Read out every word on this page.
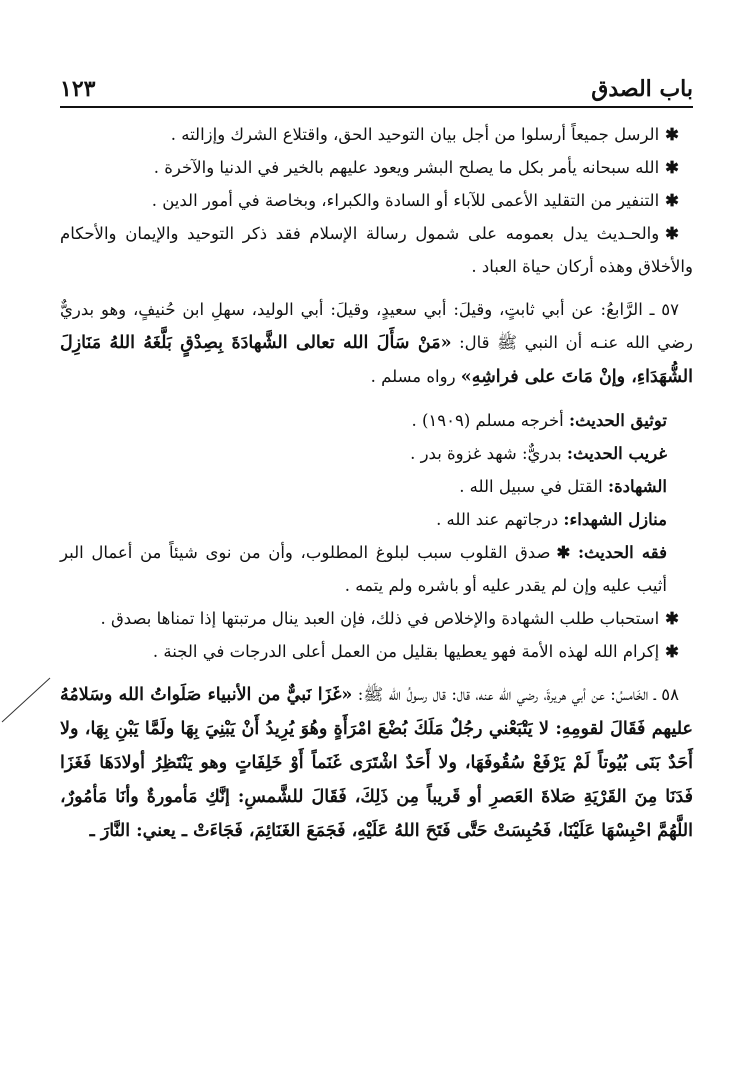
باب الصدق
١٢٣

✱الرسل جميعاً أرسلوا من أجل بيان التوحيد الحق، واقتلاع الشرك وإزالته .

✱الله سبحانه يأمر بكل ما يصلح البشر ويعود عليهم بالخير في الدنيا والآخرة .

✱التنفير من التقليد الأعمى للآباء أو السادة والكبراء، وبخاصة في أمور الدين .

✱والحـديث يدل بعمومه على شمول رسالة الإسلام فقد ذكر التوحيد والإيمان والأحكام والأخلاق وهذه أركان حياة العباد .

٥٧ ـ الرَّابعُ: عن أبي ثابتٍ، وقيلَ: أبي سعيدٍ، وقيلَ: أبي الوليد، سهلِ ابن حُنيفٍ، وهو بدريٌّ رضي الله عنـه أن النبي ﷺ قال: «مَنْ سَأَلَ الله تعالى الشَّهادَةَ بِصِدْقٍ بَلَّغَهُ اللهُ مَنَازِلَ الشُّهَدَاءِ، وإنْ مَاتَ على فراشِهِ» رواه مسلم .

توثيق الحديث: أخرجه مسلم (١٩٠٩) .

غريب الحديث: بدريٌّ: شهد غزوة بدر .

الشهادة: القتل في سبيل الله .

منازل الشهداء: درجاتهم عند الله .

فقه الحديث: ✱صدق القلوب سبب لبلوغ المطلوب، وأن من نوى شيئاً من أعمال البر أثيب عليه وإن لم يقدر عليه أو باشره ولم يتمه .

✱استحباب طلب الشهادة والإخلاص في ذلك، فإن العبد ينال مرتبتها إذا تمناها بصدق .

✱إكرام الله لهذه الأمة فهو يعطيها بقليل من العمل أعلى الدرجات في الجنة .

٥٨ ـ الخَامسُ: عن أبي هريرةَ، رضي الله عنه، قال: قال رسولُ الله ﷺ: «غَزَا نَبيٌّ من الأنبياء صَلَواتُ الله وسَلامُهُ عليهم فَقَالَ لقومِهِ: لا يَتْبَعْني رجُلٌ مَلَكَ بُضْعَ امْرَأَةٍ وهُوَ يُرِيدُ أَنْ يَبْنِيَ بِهَا ولَمَّا يَبْنِ بِهَا، ولا أَحَدٌ بَنَى بُيُوتاً لَمْ يَرْفَعْ سُقُوفَهَا، ولا أَحَدٌ اشْتَرَى غَنَماً أَوْ خَلِفَاتٍ وهو يَنْتَظِرُ أولادَهَا فَغَزَا فَدَنَا مِنَ القَرْيَةِ صَلاةَ العَصرِ أو قَريباً مِن ذَلِكَ، فَقَالَ للشَّمسِ: إنَّكِ مَأمورةٌ وأنَا مَأمُورٌ، اللَّهُمَّ احْبِسْهَا عَلَيْنَا، فَحُبِسَتْ حَتَّى فَتَحَ اللهُ عَلَيْهِ، فَجَمَعَ الغَنَائِمَ، فَجَاءَتْ ـ يعني: النَّارَ ـ
